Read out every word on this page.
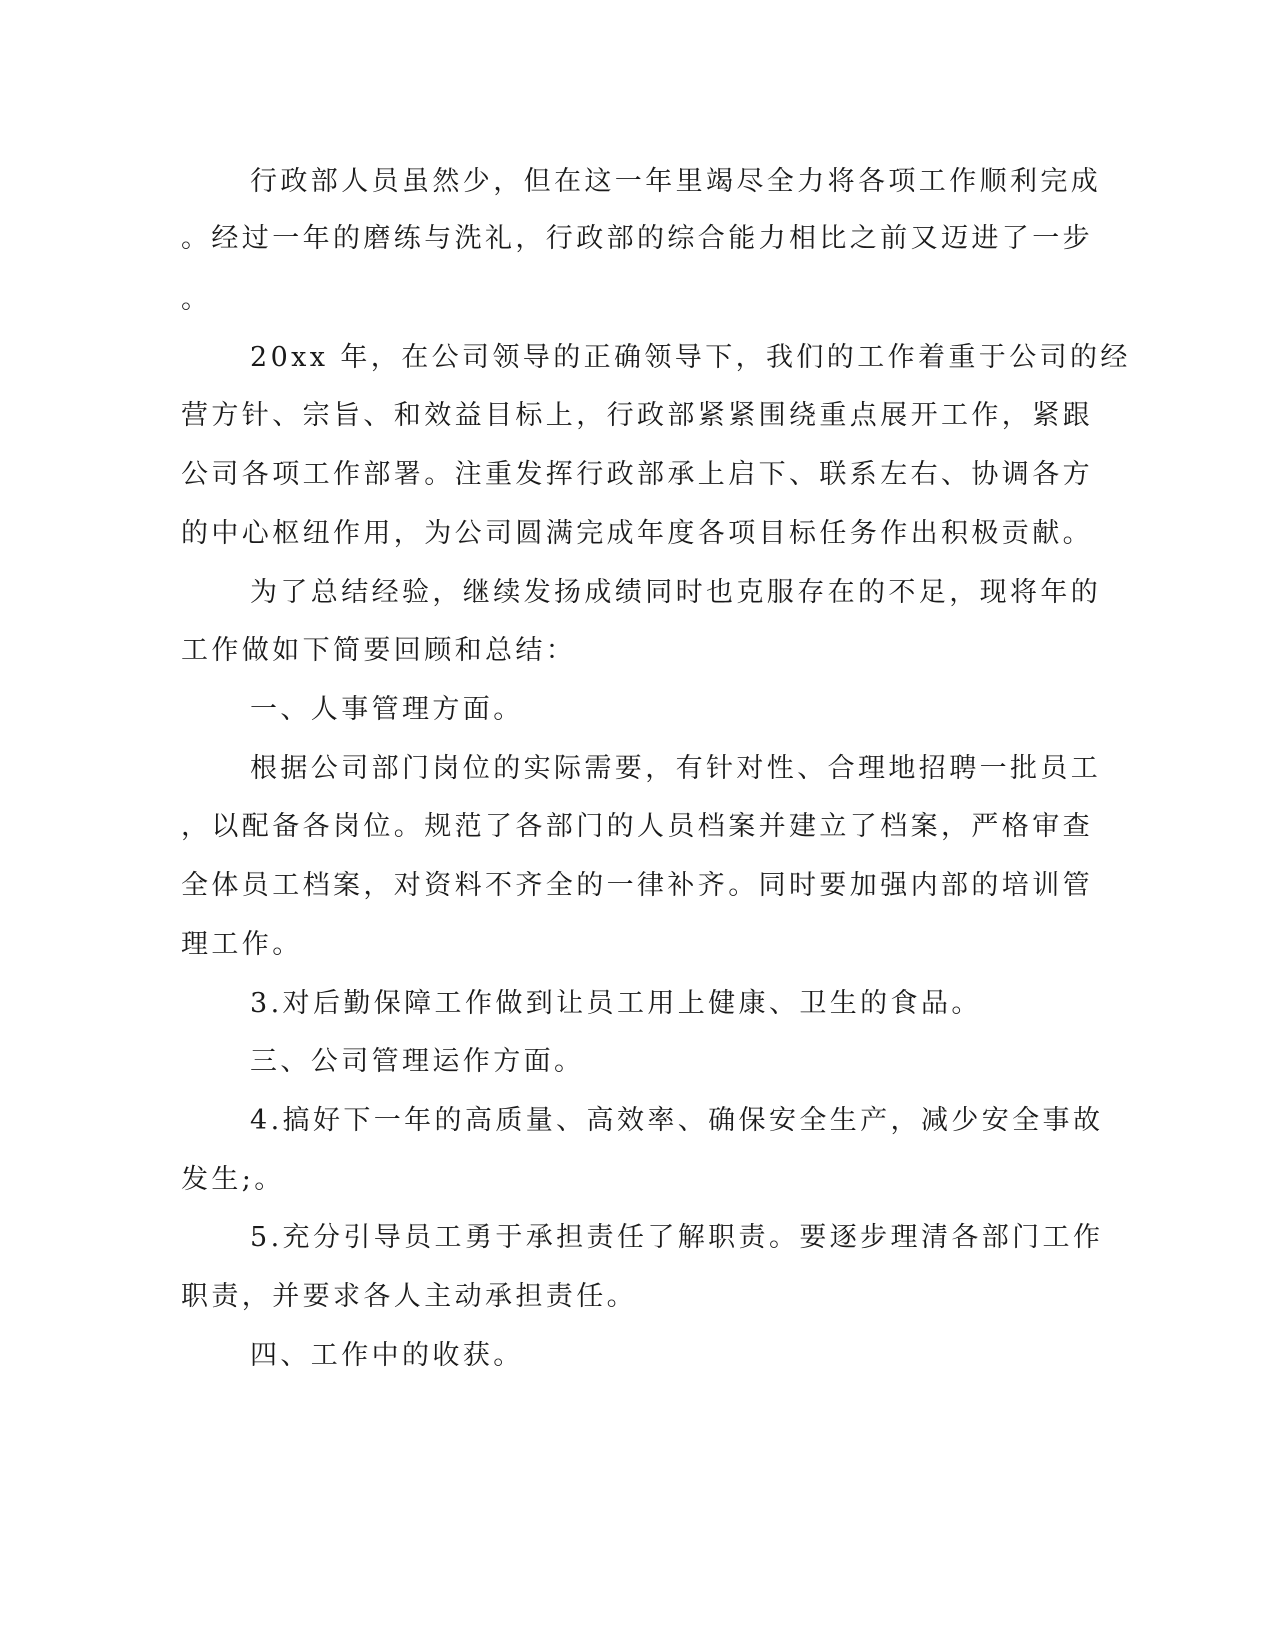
行政部人员虽然少，但在这一年里竭尽全力将各项工作顺利完成

。经过一年的磨练与洗礼，行政部的综合能力相比之前又迈进了一步

。

20xx 年，在公司领导的正确领导下，我们的工作着重于公司的经

营方针、宗旨、和效益目标上，行政部紧紧围绕重点展开工作，紧跟

公司各项工作部署。注重发挥行政部承上启下、联系左右、协调各方

的中心枢纽作用，为公司圆满完成年度各项目标任务作出积极贡献。

为了总结经验，继续发扬成绩同时也克服存在的不足，现将年的

工作做如下简要回顾和总结：

一、人事管理方面。

根据公司部门岗位的实际需要，有针对性、合理地招聘一批员工

，以配备各岗位。规范了各部门的人员档案并建立了档案，严格审查

全体员工档案，对资料不齐全的一律补齐。同时要加强内部的培训管

理工作。

3.对后勤保障工作做到让员工用上健康、卫生的食品。

三、公司管理运作方面。

4.搞好下一年的高质量、高效率、确保安全生产，减少安全事故

发生;。

5.充分引导员工勇于承担责任了解职责。要逐步理清各部门工作

职责，并要求各人主动承担责任。

四、工作中的收获。
